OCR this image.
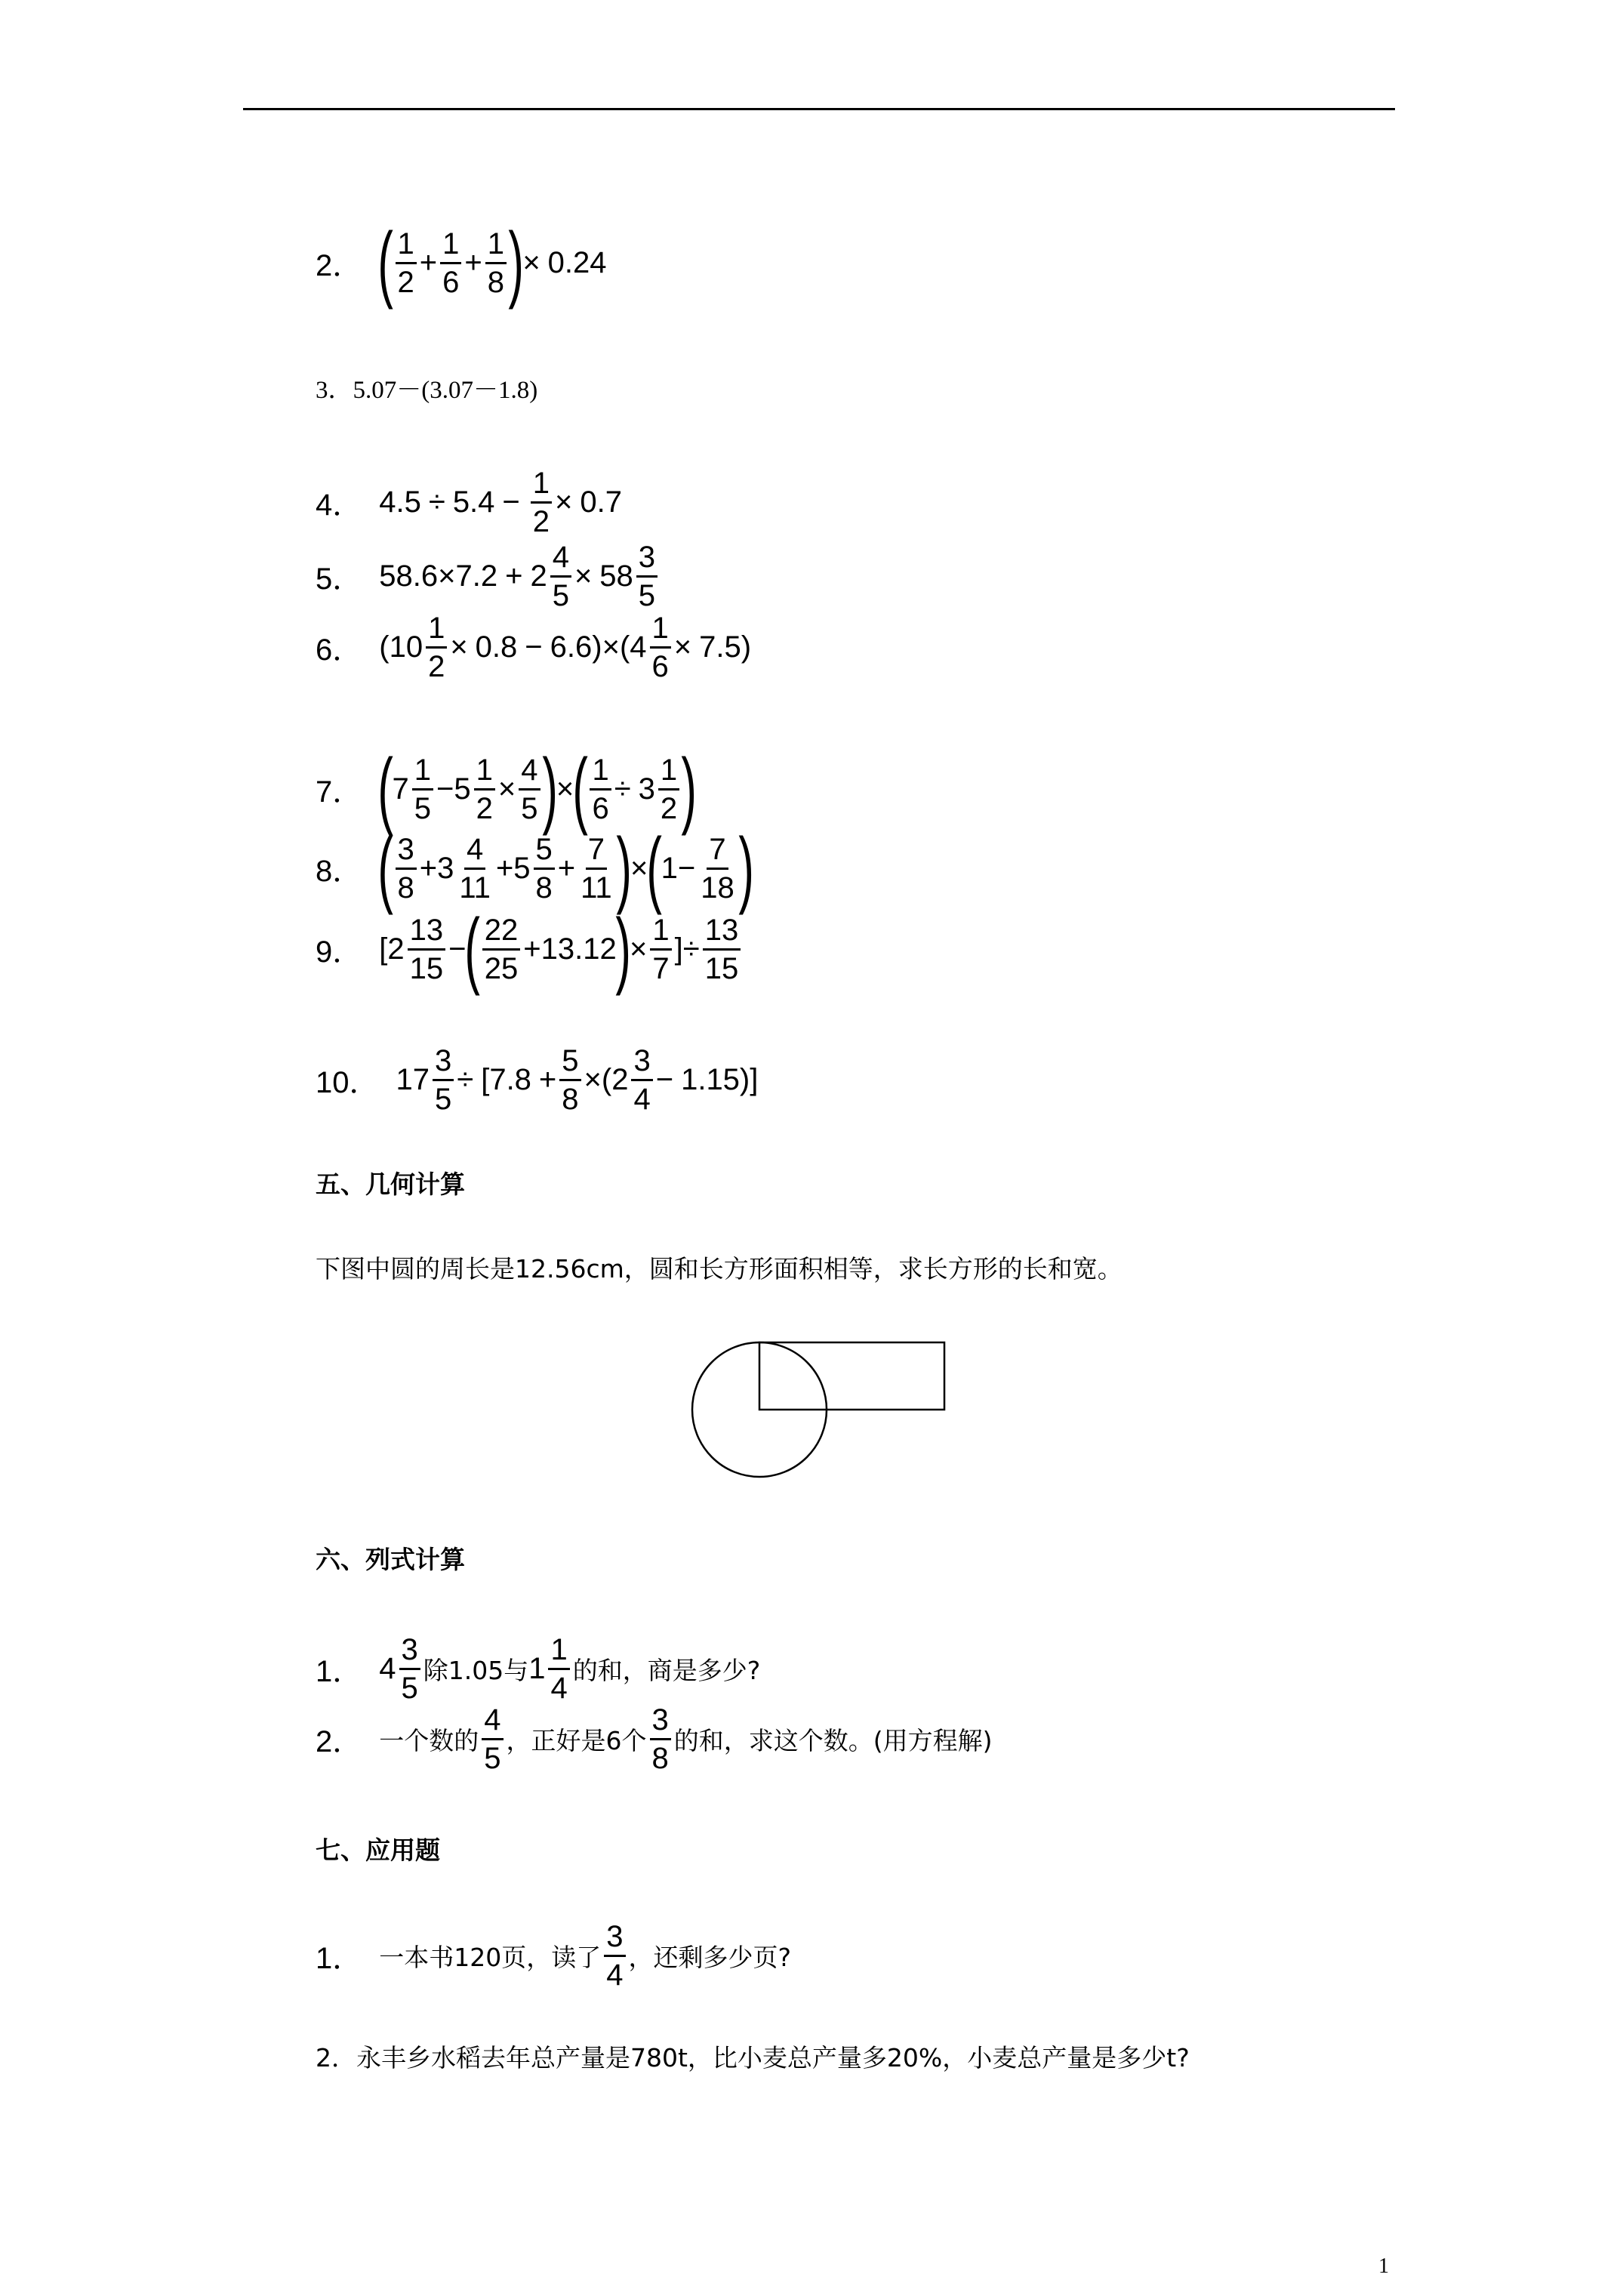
2． ( $\frac{1}{2} + \frac{1}{6} + \frac{1}{8}$ )
× 0.24
3．5.07－(3.07－1.8)
4． $4.5 \div 5.4 - \frac{1}{2} \times 0.7$
5． $58.6 \times 7.2 + 2 \frac{4}{5} \times 58 \frac{3}{5}$
6． $(10 \frac{1}{2} \times 0.8 - 6.6) \times (4 \frac{1}{6} \times 7.5)$
7． (
$7 \frac{1}{5} - 5 \frac{1}{2} \times \frac{4}{5}$ )
×
( $\frac{1}{6} \div 3 \frac{1}{2}$ )
8． ( $\frac{3}{8} + 3 \frac{4}{11} + 5 \frac{5}{8} + \frac{7}{11}$ )
×
(
$1 - \frac{7}{18}$ )
9． [$2 \frac{13}{15}$ −
( $\frac{22}{25} + 13.12$
)
× $\frac{1}{7}$ ] ÷ $\frac{13}{15}$
10． $17 \frac{3}{5} \div [7.8 + \frac{5}{8} \times (2 \frac{3}{4} - 1.15)]$
五、几何计算
下图中圆的周长是12.56cm，圆和长方形面积相等，求长方形的长和宽。
六、列式计算
1． $4 \frac{3}{5}$ 除1.05与 $1 \frac{1}{4}$ 的和，商是多少?
2． 一个数的 $\frac{4}{5}$ ，正好是6个 $\frac{3}{8}$ 的和，求这个数。(用方程解)
七、应用题
1． 一本书120页，读了 $\frac{3}{4}$ ，还剩多少页?
2．永丰乡水稻去年总产量是780t，比小麦总产量多20%，小麦总产量是多少t?
1
